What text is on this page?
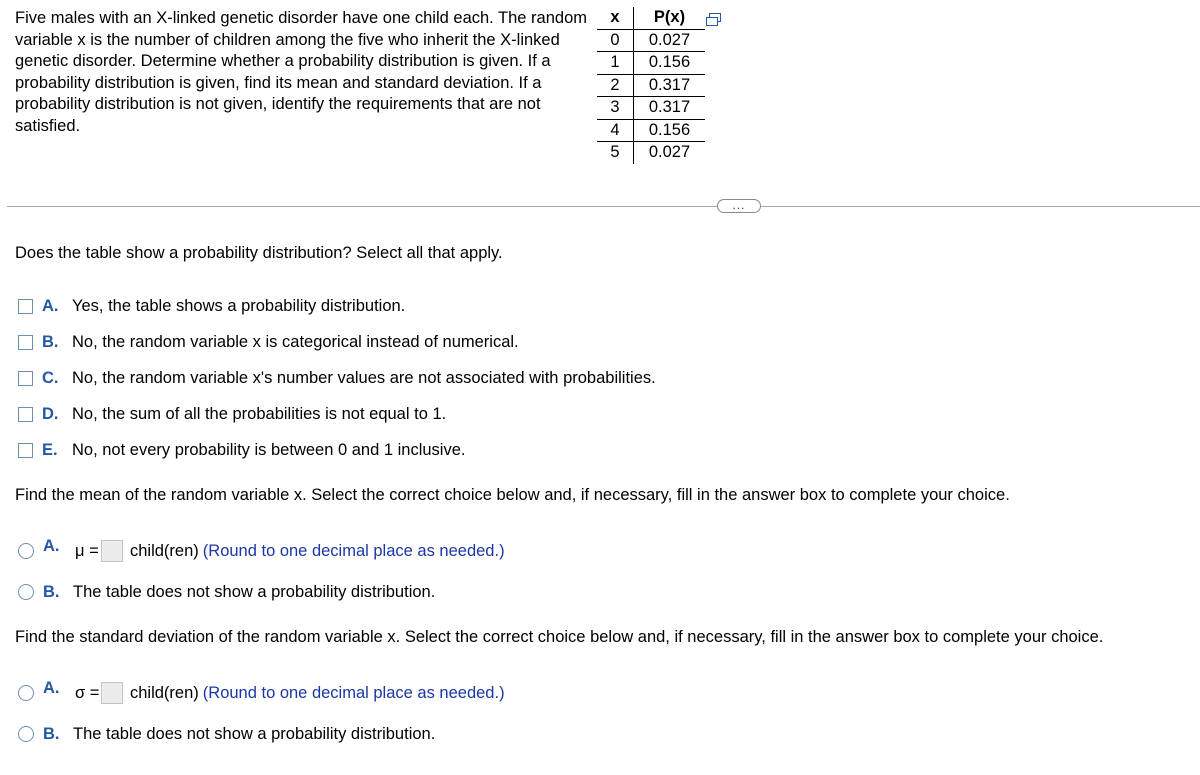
Five males with an X-linked genetic disorder have one child each. The random variable x is the number of children among the five who inherit the X-linked genetic disorder. Determine whether a probability distribution is given. If a probability distribution is given, find its mean and standard deviation. If a probability distribution is not given, identify the requirements that are not satisfied.
x	P(x)
0	0.027
1	0.156
2	0.317
3	0.317
4	0.156
5	0.027
...
Does the table show a probability distribution? Select all that apply.
A. Yes, the table shows a probability distribution.
B. No, the random variable x is categorical instead of numerical.
C. No, the random variable x's number values are not associated with probabilities.
D. No, the sum of all the probabilities is not equal to 1.
E. No, not every probability is between 0 and 1 inclusive.
Find the mean of the random variable x. Select the correct choice below and, if necessary, fill in the answer box to complete your choice.
A. μ = child(ren) (Round to one decimal place as needed.)
B. The table does not show a probability distribution.
Find the standard deviation of the random variable x. Select the correct choice below and, if necessary, fill in the answer box to complete your choice.
A. σ = child(ren) (Round to one decimal place as needed.)
B. The table does not show a probability distribution.
